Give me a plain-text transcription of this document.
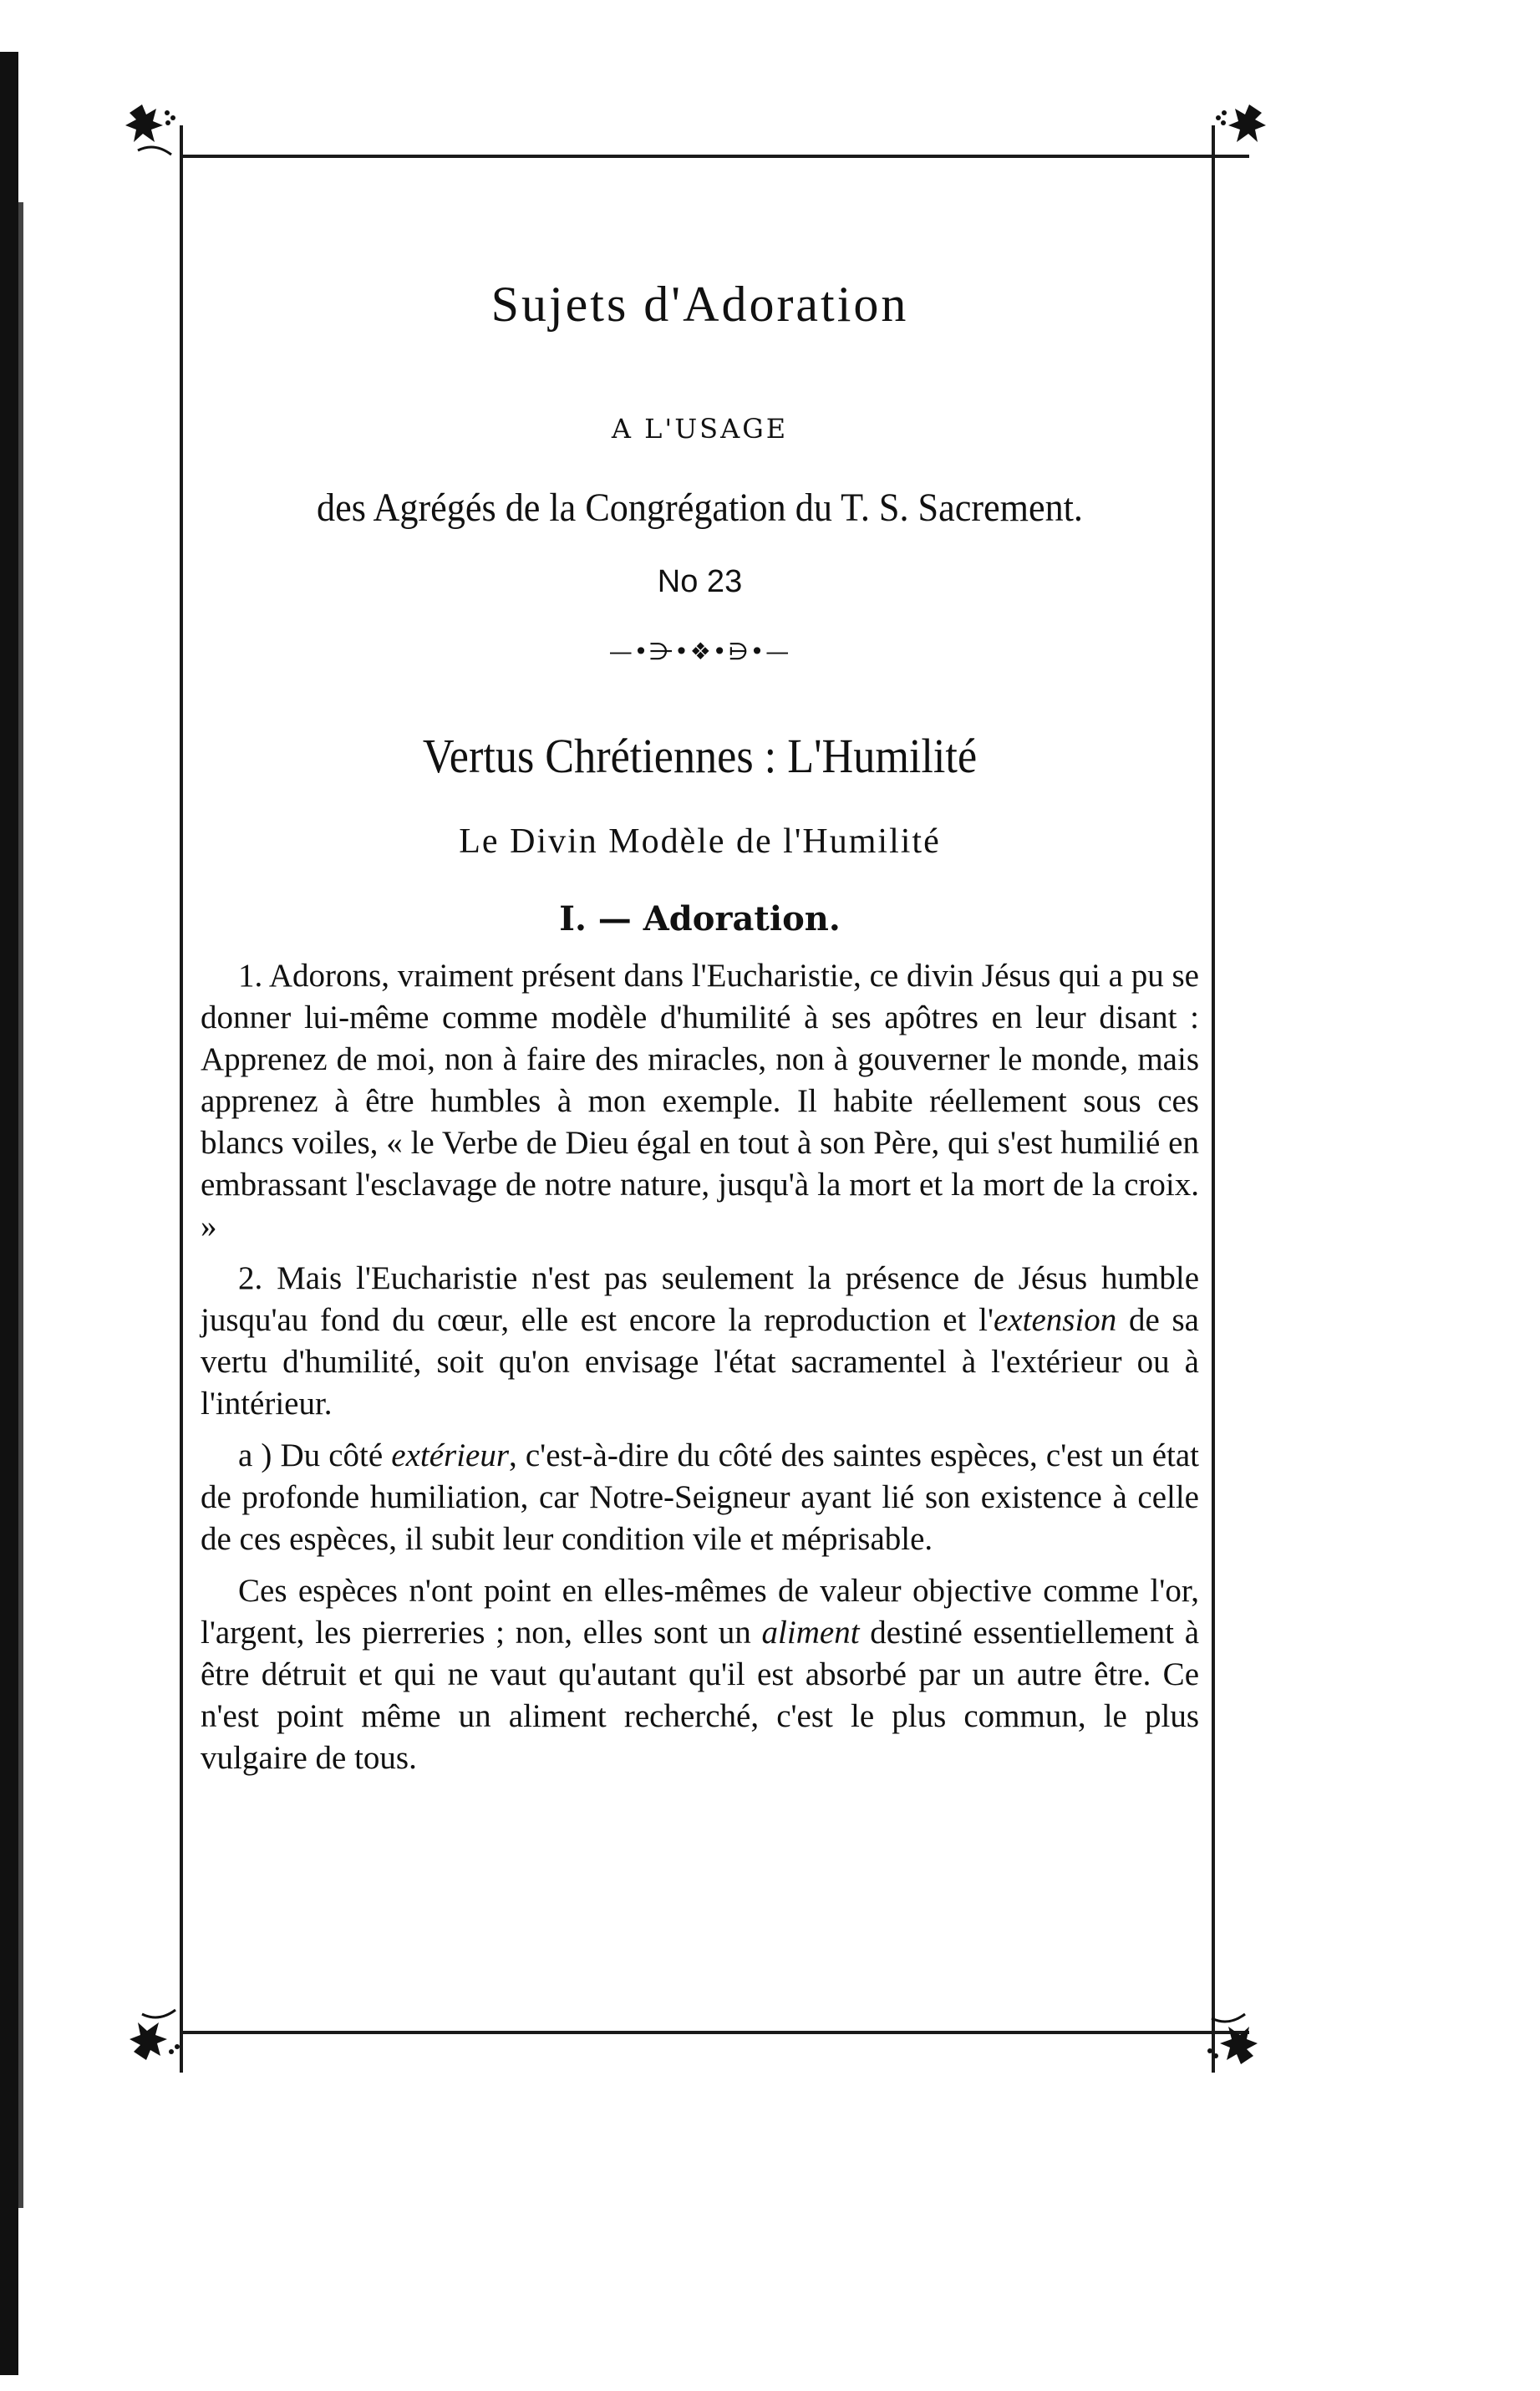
Sujets d'Adoration
A L'USAGE
des Agrégés de la Congrégation du T. S. Sacrement.
No 23
—•⋺•❖•⋻•—
Vertus Chrétiennes : L'Humilité
Le Divin Modèle de l'Humilité
I. — Adoration.

1. Adorons, vraiment présent dans l'Eucharistie, ce divin Jésus qui a pu se donner lui-même comme modèle d'humilité à ses apôtres en leur disant : Apprenez de moi, non à faire des miracles, non à gouverner le monde, mais apprenez à être humbles à mon exemple. Il habite réellement sous ces blancs voiles, « le Verbe de Dieu égal en tout à son Père, qui s'est humilié en embrassant l'esclavage de notre nature, jusqu'à la mort et la mort de la croix. »

2. Mais l'Eucharistie n'est pas seulement la présence de Jésus humble jusqu'au fond du cœur, elle est encore la reproduction et l'extension de sa vertu d'humilité, soit qu'on envisage l'état sacramentel à l'extérieur ou à l'intérieur.

a ) Du côté extérieur, c'est-à-dire du côté des saintes espèces, c'est un état de profonde humiliation, car Notre-Seigneur ayant lié son existence à celle de ces espèces, il subit leur condition vile et méprisable.

Ces espèces n'ont point en elles-mêmes de valeur objective comme l'or, l'argent, les pierreries ; non, elles sont un aliment destiné essentiellement à être détruit et qui ne vaut qu'autant qu'il est absorbé par un autre être. Ce n'est point même un aliment recherché, c'est le plus commun, le plus vulgaire de tous.
